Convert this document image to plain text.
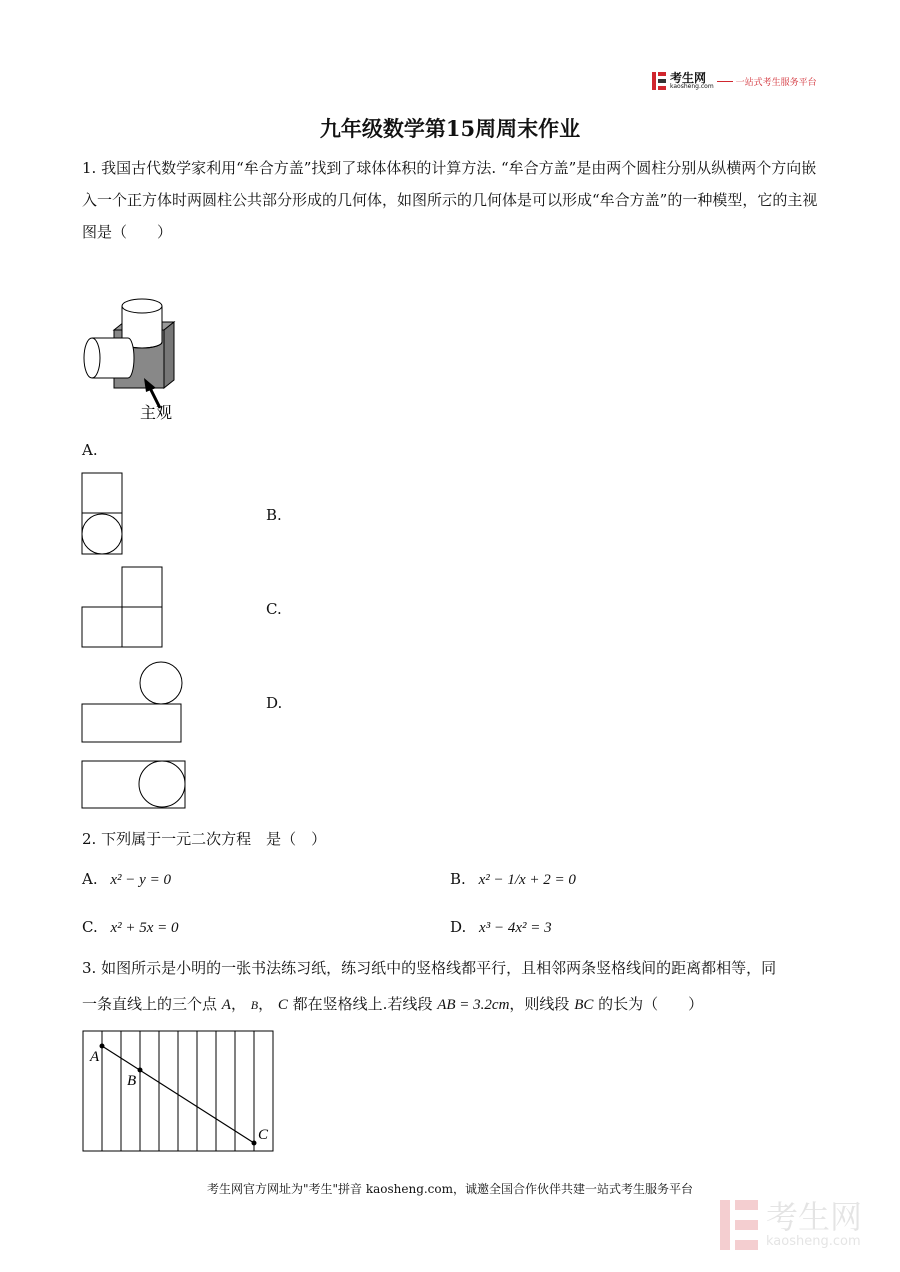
考生网
kaosheng.com 一站式考生服务平台
九年级数学第15周周末作业
1. 我国古代数学家利用“牟合方盖”找到了球体体积的计算方法. “牟合方盖”是由两个圆柱分别从纵横两个方向嵌入一个正方体时两圆柱公共部分形成的几何体，如图所示的几何体是可以形成“牟合方盖”的一种模型，它的主视图是（　　）
主观
A.
B.
C.
D.
2. 下列属于一元二次方程　是（　）
A. x² − y = 0	B. x² − 1/x + 2 = 0
C. x² + 5x = 0	D. x³ − 4x² = 3
3. 如图所示是小明的一张书法练习纸，练习纸中的竖格线都平行，且相邻两条竖格线间的距离都相等，同
一条直线上的三个点 A， B， C 都在竖格线上.若线段 AB = 3.2cm，则线段 BC 的长为（　　）
A
B
C
考生网官方网址为"考生"拼音 kaosheng.com，诚邀全国合作伙伴共建一站式考生服务平台
考生网
kaosheng.com
